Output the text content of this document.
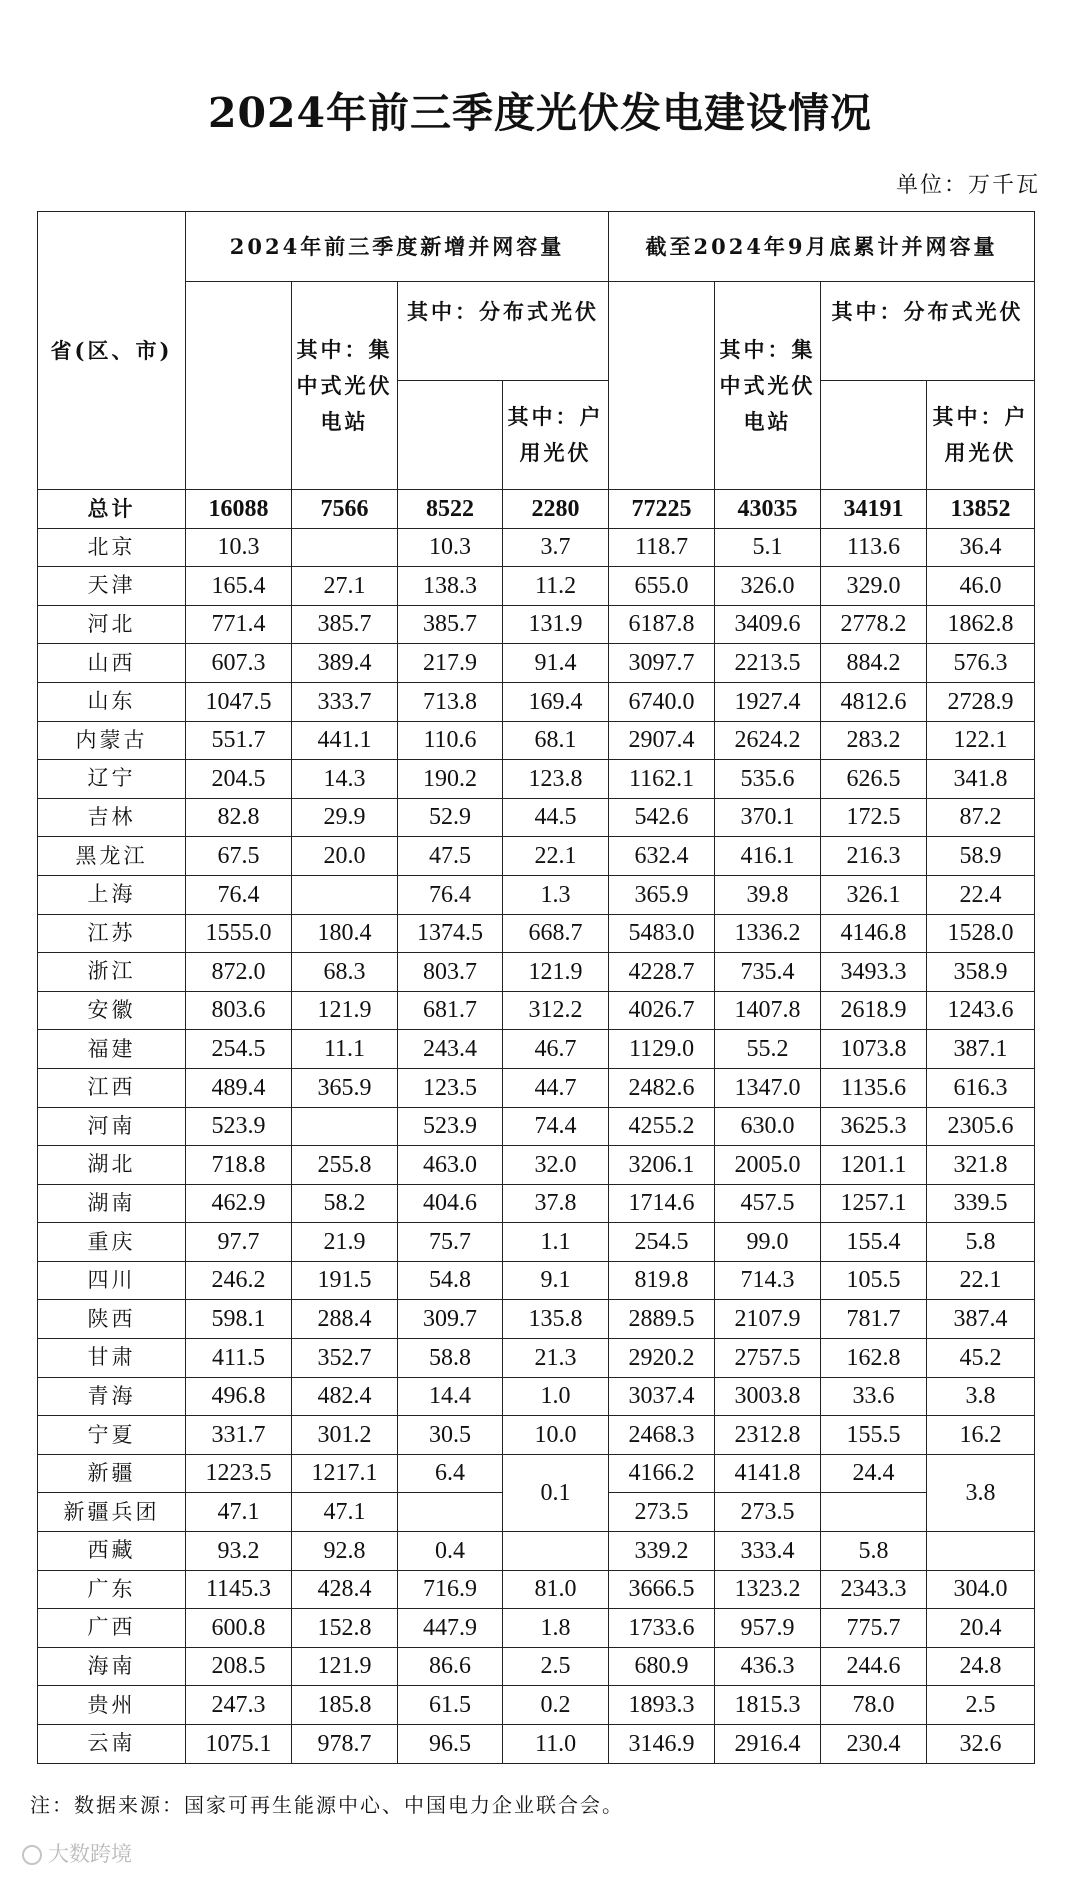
2024年前三季度光伏发电建设情况
单位：万千瓦
省(区、市)	2024年前三季度新增并网容量				截至2024年9月底累计并网容量			
		其中：集中式光伏电站	其中：分布式光伏			其中：集中式光伏电站	其中：分布式光伏	
				其中：户用光伏				其中：户用光伏
总计	16088	7566	8522	2280	77225	43035	34191	13852
北京	10.3		10.3	3.7	118.7	5.1	113.6	36.4
天津	165.4	27.1	138.3	11.2	655.0	326.0	329.0	46.0
河北	771.4	385.7	385.7	131.9	6187.8	3409.6	2778.2	1862.8
山西	607.3	389.4	217.9	91.4	3097.7	2213.5	884.2	576.3
山东	1047.5	333.7	713.8	169.4	6740.0	1927.4	4812.6	2728.9
内蒙古	551.7	441.1	110.6	68.1	2907.4	2624.2	283.2	122.1
辽宁	204.5	14.3	190.2	123.8	1162.1	535.6	626.5	341.8
吉林	82.8	29.9	52.9	44.5	542.6	370.1	172.5	87.2
黑龙江	67.5	20.0	47.5	22.1	632.4	416.1	216.3	58.9
上海	76.4		76.4	1.3	365.9	39.8	326.1	22.4
江苏	1555.0	180.4	1374.5	668.7	5483.0	1336.2	4146.8	1528.0
浙江	872.0	68.3	803.7	121.9	4228.7	735.4	3493.3	358.9
安徽	803.6	121.9	681.7	312.2	4026.7	1407.8	2618.9	1243.6
福建	254.5	11.1	243.4	46.7	1129.0	55.2	1073.8	387.1
江西	489.4	365.9	123.5	44.7	2482.6	1347.0	1135.6	616.3
河南	523.9		523.9	74.4	4255.2	630.0	3625.3	2305.6
湖北	718.8	255.8	463.0	32.0	3206.1	2005.0	1201.1	321.8
湖南	462.9	58.2	404.6	37.8	1714.6	457.5	1257.1	339.5
重庆	97.7	21.9	75.7	1.1	254.5	99.0	155.4	5.8
四川	246.2	191.5	54.8	9.1	819.8	714.3	105.5	22.1
陕西	598.1	288.4	309.7	135.8	2889.5	2107.9	781.7	387.4
甘肃	411.5	352.7	58.8	21.3	2920.2	2757.5	162.8	45.2
青海	496.8	482.4	14.4	1.0	3037.4	3003.8	33.6	3.8
宁夏	331.7	301.2	30.5	10.0	2468.3	2312.8	155.5	16.2
新疆	1223.5	1217.1	6.4	0.1	4166.2	4141.8	24.4	3.8
新疆兵团	47.1	47.1			273.5	273.5		
西藏	93.2	92.8	0.4		339.2	333.4	5.8	
广东	1145.3	428.4	716.9	81.0	3666.5	1323.2	2343.3	304.0
广西	600.8	152.8	447.9	1.8	1733.6	957.9	775.7	20.4
海南	208.5	121.9	86.6	2.5	680.9	436.3	244.6	24.8
贵州	247.3	185.8	61.5	0.2	1893.3	1815.3	78.0	2.5
云南	1075.1	978.7	96.5	11.0	3146.9	2916.4	230.4	32.6
注：数据来源：国家可再生能源中心、中国电力企业联合会。
大数跨境
